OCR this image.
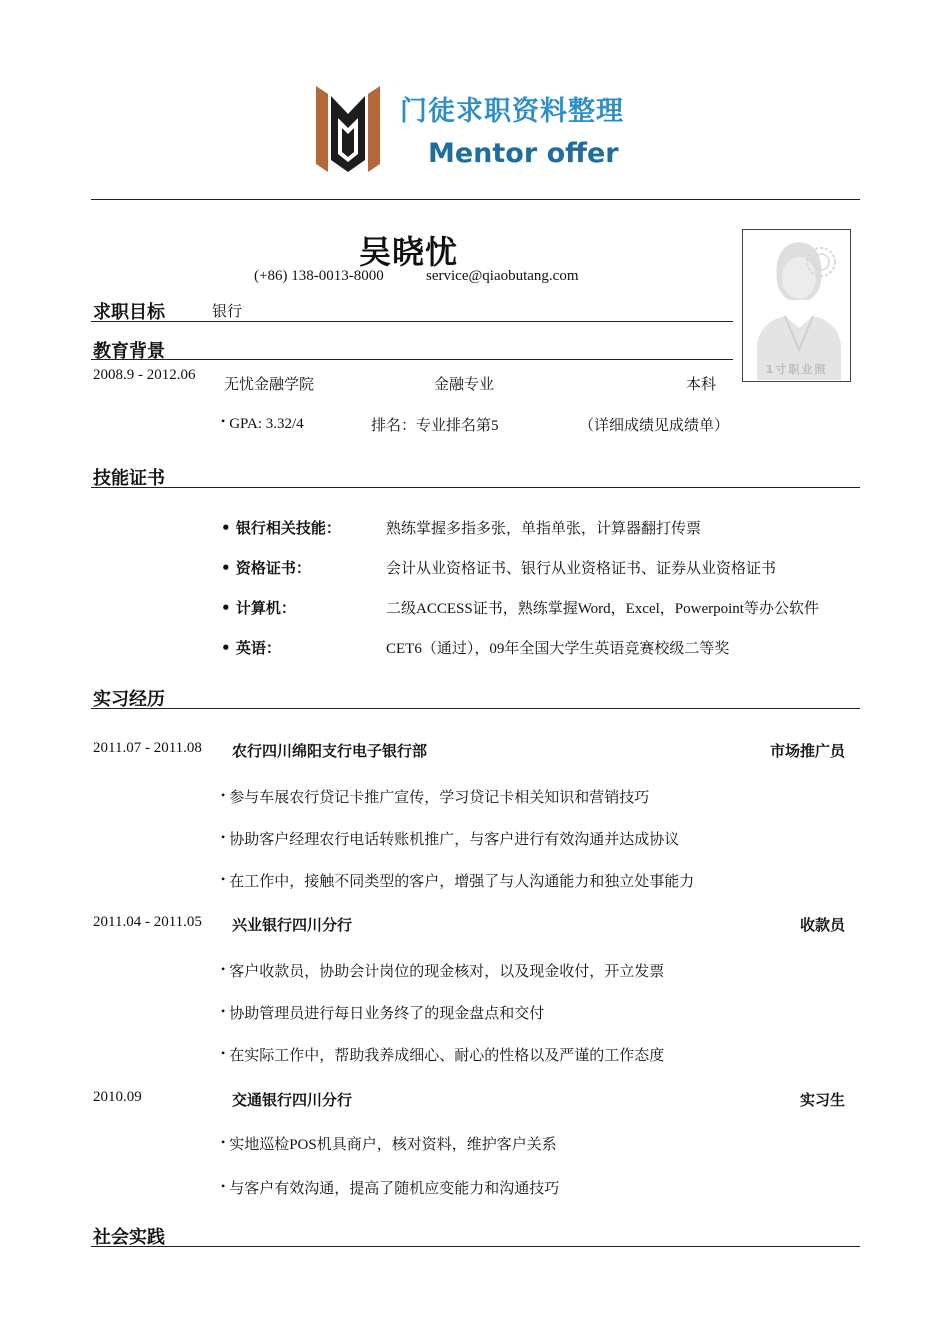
门徒求职资料整理
Mentor offer
吴晓忧
(+86) 138-0013-8000	service@qiaobutang.com
1寸职业照
求职目标	银行
教育背景
2008.9 - 2012.06 无忧金融学院	金融专业	本科
• GPA: 3.32/4	排名：专业排名第5	（详细成绩见成绩单）
技能证书
• 银行相关技能：	熟练掌握多指多张，单指单张，计算器翻打传票
• 资格证书：	会计从业资格证书、银行从业资格证书、证券从业资格证书
• 计算机：	二级ACCESS证书，熟练掌握Word，Excel，Powerpoint等办公软件
• 英语：	CET6（通过），09年全国大学生英语竞赛校级二等奖
实习经历
2011.07 - 2011.08 农行四川绵阳支行电子银行部	市场推广员
• 参与车展农行贷记卡推广宣传，学习贷记卡相关知识和营销技巧
• 协助客户经理农行电话转账机推广，与客户进行有效沟通并达成协议
• 在工作中，接触不同类型的客户，增强了与人沟通能力和独立处事能力
2011.04 - 2011.05 兴业银行四川分行	收款员
• 客户收款员，协助会计岗位的现金核对，以及现金收付，开立发票
• 协助管理员进行每日业务终了的现金盘点和交付
• 在实际工作中，帮助我养成细心、耐心的性格以及严谨的工作态度
2010.09	交通银行四川分行	实习生
• 实地巡检POS机具商户，核对资料，维护客户关系
• 与客户有效沟通，提高了随机应变能力和沟通技巧
社会实践
